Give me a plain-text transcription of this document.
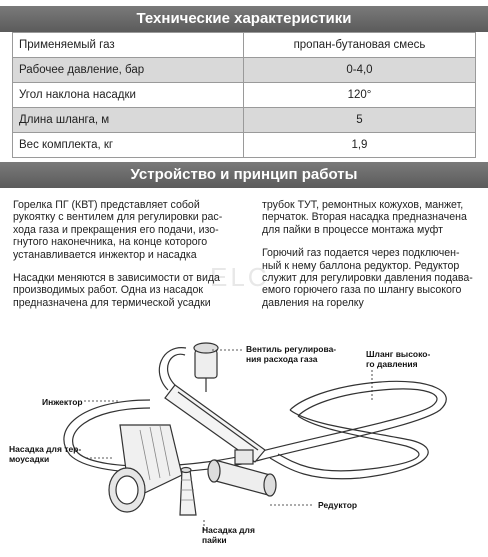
Технические характеристики
Применяемый газ	пропан-бутановая смесь
Рабочее давление, бар	0-4,0
Угол наклона насадки	120°
Длина шланга, м	5
Вес комплекта, кг	1,9
Устройство и принцип работы
ELC

Горелка ПГ (КВТ) представляет собой
рукоятку с вентилем для регулировки рас-
хода газа и прекращения его подачи, изо-
гнутого наконечника, на конце которого
устанавливается инжектор и насадка

Насадки меняются в зависимости от вида
производимых работ. Одна из насадок
предназначена для термической усадки

трубок ТУТ, ремонтных кожухов, манжет,
перчаток. Вторая насадка предназначена
для пайки в процессе монтажа муфт

Горючий газ подается через подключен-
ный к нему баллона редуктор. Редуктор
служит для регулировки давления подава-
емого горючего газа по шлангу высокого
давления на горелку

Вентиль регулирова-
ния расхода газа	Шланг высоко-
го давления
Инжектор
Насадка для тер-
моусадки
Редуктор
Насадка для
пайки
